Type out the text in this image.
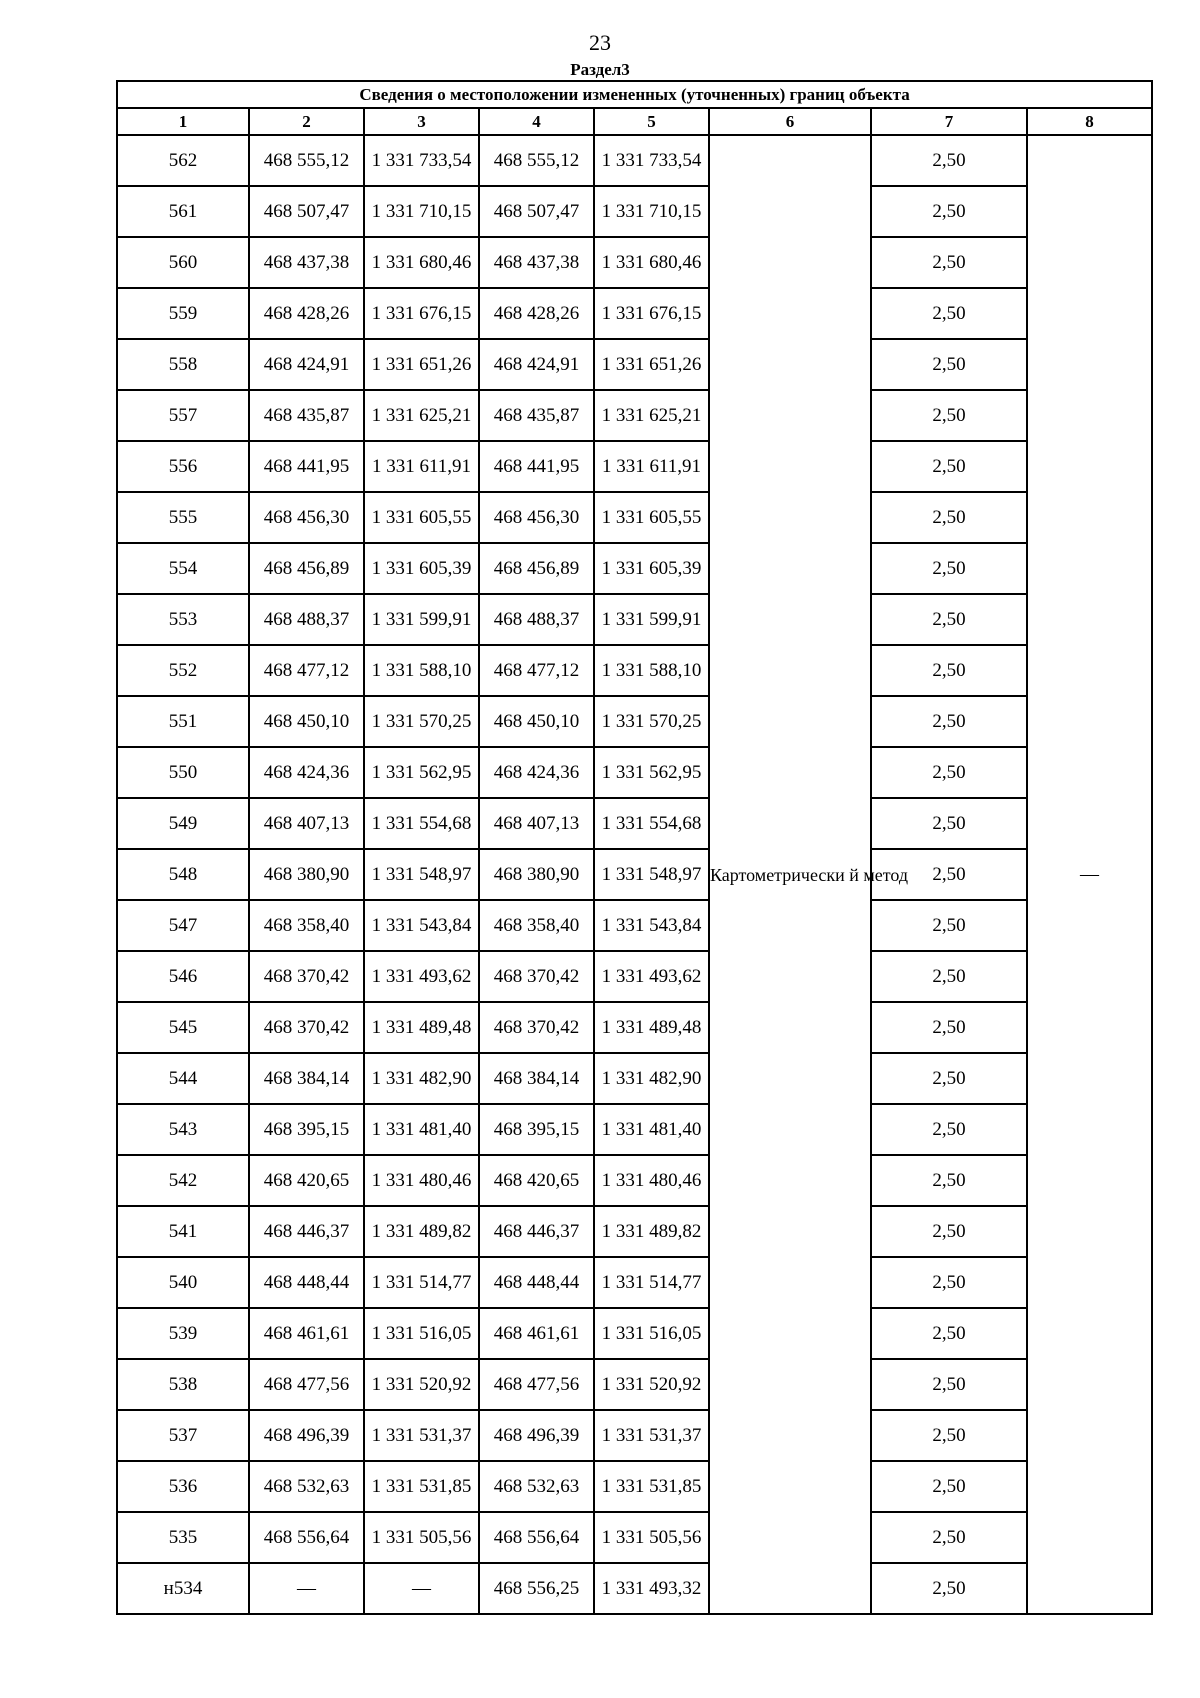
23
Раздел3
Сведения о местоположении измененных (уточненных) границ объекта							
1	2	3	4	5	6	7	8
562	468 555,12	1 331 733,54	468 555,12	1 331 733,54	Картометрически й метод	2,50	—
561	468 507,47	1 331 710,15	468 507,47	1 331 710,15		2,50	
560	468 437,38	1 331 680,46	468 437,38	1 331 680,46		2,50	
559	468 428,26	1 331 676,15	468 428,26	1 331 676,15		2,50	
558	468 424,91	1 331 651,26	468 424,91	1 331 651,26		2,50	
557	468 435,87	1 331 625,21	468 435,87	1 331 625,21		2,50	
556	468 441,95	1 331 611,91	468 441,95	1 331 611,91		2,50	
555	468 456,30	1 331 605,55	468 456,30	1 331 605,55		2,50	
554	468 456,89	1 331 605,39	468 456,89	1 331 605,39		2,50	
553	468 488,37	1 331 599,91	468 488,37	1 331 599,91		2,50	
552	468 477,12	1 331 588,10	468 477,12	1 331 588,10		2,50	
551	468 450,10	1 331 570,25	468 450,10	1 331 570,25		2,50	
550	468 424,36	1 331 562,95	468 424,36	1 331 562,95		2,50	
549	468 407,13	1 331 554,68	468 407,13	1 331 554,68		2,50	
548	468 380,90	1 331 548,97	468 380,90	1 331 548,97		2,50	
547	468 358,40	1 331 543,84	468 358,40	1 331 543,84		2,50	
546	468 370,42	1 331 493,62	468 370,42	1 331 493,62		2,50	
545	468 370,42	1 331 489,48	468 370,42	1 331 489,48		2,50	
544	468 384,14	1 331 482,90	468 384,14	1 331 482,90		2,50	
543	468 395,15	1 331 481,40	468 395,15	1 331 481,40		2,50	
542	468 420,65	1 331 480,46	468 420,65	1 331 480,46		2,50	
541	468 446,37	1 331 489,82	468 446,37	1 331 489,82		2,50	
540	468 448,44	1 331 514,77	468 448,44	1 331 514,77		2,50	
539	468 461,61	1 331 516,05	468 461,61	1 331 516,05		2,50	
538	468 477,56	1 331 520,92	468 477,56	1 331 520,92		2,50	
537	468 496,39	1 331 531,37	468 496,39	1 331 531,37		2,50	
536	468 532,63	1 331 531,85	468 532,63	1 331 531,85		2,50	
535	468 556,64	1 331 505,56	468 556,64	1 331 505,56		2,50	
н534	—	—	468 556,25	1 331 493,32		2,50	
